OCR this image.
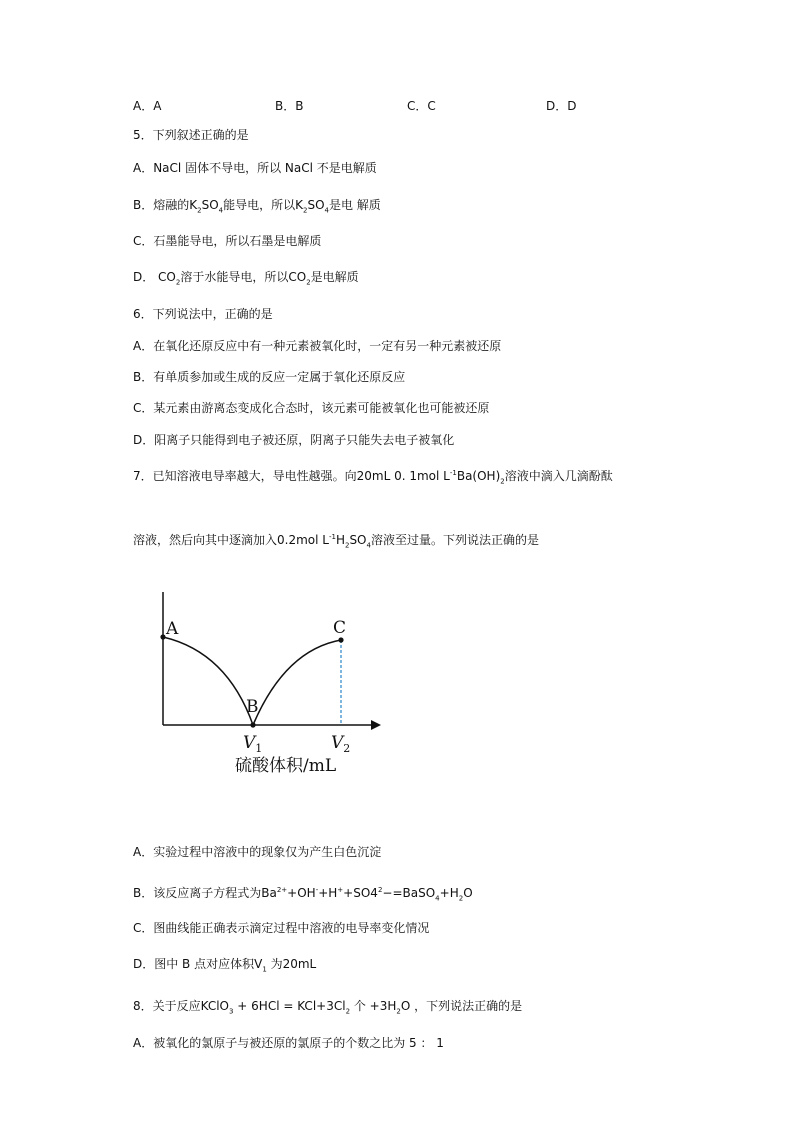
A．A	B．B	C．C	D．D
5．下列叙述正确的是
A．NaCl 固体不导电，所以 NaCl 不是电解质
B．熔融的$K_2SO_4$能导电，所以$K_2SO_4$是电 解质
C．石墨能导电，所以石墨是电解质
D． $CO_2$溶于水能导电，所以$CO_2$是电解质
6．下列说法中，正确的是
A．在氧化还原反应中有一种元素被氧化时，一定有另一种元素被还原
B．有单质参加或生成的反应一定属于氧化还原反应
C．某元素由游离态变成化合态时，该元素可能被氧化也可能被还原
D．阳离子只能得到电子被还原，阴离子只能失去电子被氧化
7．已知溶液电导率越大，导电性越强。向20mL 0. 1mol $L^{-1}Ba(OH)_2$溶液中滴入几滴酚酞
溶液，然后向其中逐滴加入0.2mol $L^{-1}H_2SO_4$溶液至过量。下列说法正确的是
A
B
C
$V_1$	$V_2$
硫酸体积/mL
A．实验过程中溶液中的现象仅为产生白色沉淀
B．该反应离子方程式为$Ba^{2+}+OH^-+H^++SO4^2-=BaSO_4+H_2O$
C．图曲线能正确表示滴定过程中溶液的电导率变化情况
D．图中 B 点对应体积$V_1$ 为20mL
8．关于反应KClO$_3$ + $6HCl = KCl+3Cl_2$ 个 $+3H_2O$ ，下列说法正确的是
A．被氧化的氯原子与被还原的氯原子的个数之比为 5 ： 1
